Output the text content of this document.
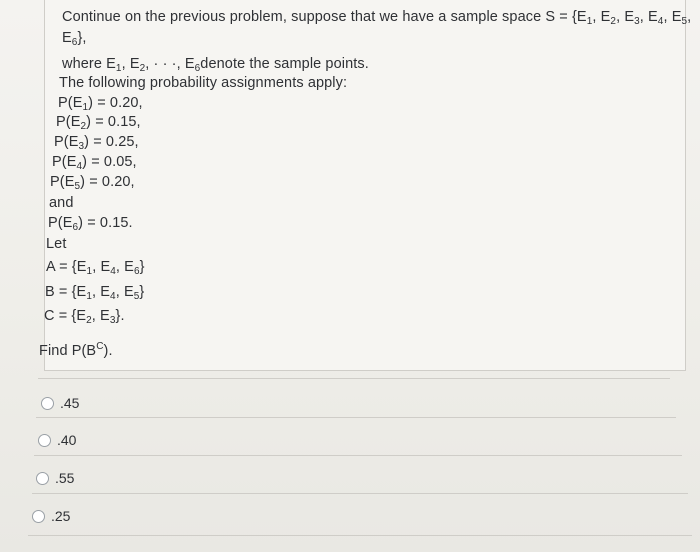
Continue on the previous problem, suppose that we have a sample space $S = \{E_1$, $E_2$, $E_3$, $E_4$, $E_5$,
$E_6$},
where $E_1$, $E_2$, · · ·, $E_6denote$ the sample points.
The following probability assignments apply:
$P(E_1) = 0.20$,
$P(E_2) = 0.15$,
$P(E_3) = 0.25$,
$P(E_4) = 0.05$,
$P(E_5) = 0.20$,
and
$P(E_6) = 0.15$.
Let
$A = \{E_1$, $E_4$, $E_6$}
$B = \{E_1$, $E_4$, $E_5$}
$C = \{E_2$, $E_3$}.
Find $P(B^C)$.
.45
.40
.55
.25
